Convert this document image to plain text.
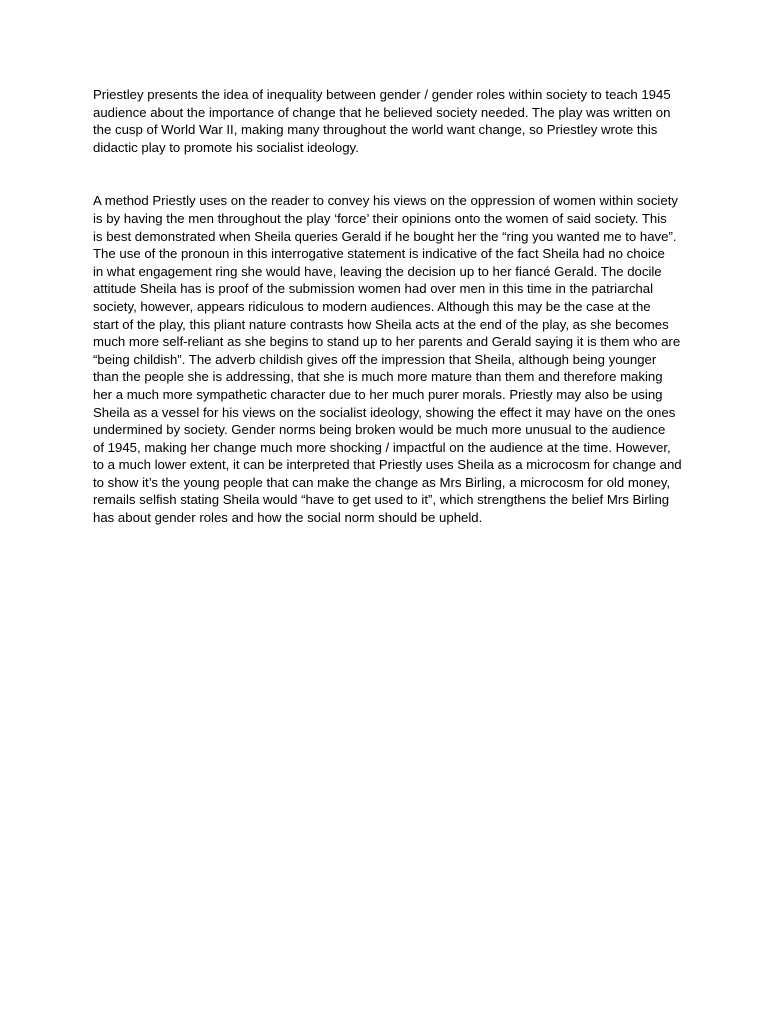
Priestley presents the idea of inequality between gender / gender roles within society to teach 1945
audience about the importance of change that he believed society needed. The play was written on
the cusp of World War II, making many throughout the world want change, so Priestley wrote this
didactic play to promote his socialist ideology.

A method Priestly uses on the reader to convey his views on the oppression of women within society
is by having the men throughout the play ‘force’ their opinions onto the women of said society. This
is best demonstrated when Sheila queries Gerald if he bought her the “ring you wanted me to have”.
The use of the pronoun in this interrogative statement is indicative of the fact Sheila had no choice
in what engagement ring she would have, leaving the decision up to her fiancé Gerald. The docile
attitude Sheila has is proof of the submission women had over men in this time in the patriarchal
society, however, appears ridiculous to modern audiences. Although this may be the case at the
start of the play, this pliant nature contrasts how Sheila acts at the end of the play, as she becomes
much more self-reliant as she begins to stand up to her parents and Gerald saying it is them who are
“being childish”. The adverb childish gives off the impression that Sheila, although being younger
than the people she is addressing, that she is much more mature than them and therefore making
her a much more sympathetic character due to her much purer morals. Priestly may also be using
Sheila as a vessel for his views on the socialist ideology, showing the effect it may have on the ones
undermined by society. Gender norms being broken would be much more unusual to the audience
of 1945, making her change much more shocking / impactful on the audience at the time. However,
to a much lower extent, it can be interpreted that Priestly uses Sheila as a microcosm for change and
to show it’s the young people that can make the change as Mrs Birling, a microcosm for old money,
remails selfish stating Sheila would “have to get used to it”, which strengthens the belief Mrs Birling
has about gender roles and how the social norm should be upheld.
